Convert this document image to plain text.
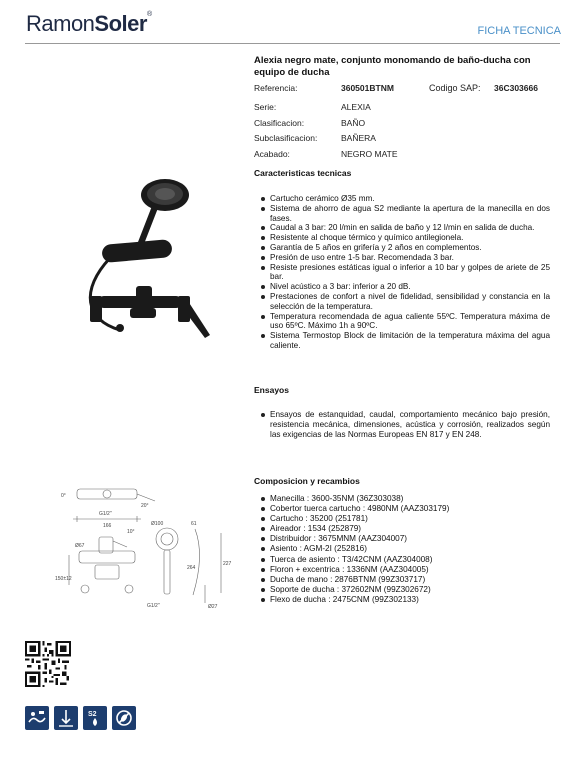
RamonSoler®
FICHA TECNICA
Alexia negro mate, conjunto monomando de baño-ducha con equipo de ducha
Referencia:	360501BTNM	Codigo SAP: 36C303666
Serie:	ALEXIA
Clasificacion:	BAÑO
Subclasificacion:	BAÑERA
Acabado:	NEGRO MATE
Caracteristicas tecnicas
Cartucho cerámico Ø35 mm.
Sistema de ahorro de agua S2 mediante la apertura de la manecilla en dos fases.
Caudal a 3 bar: 20 l/min en salida de baño y 12 l/min en salida de ducha.
Resistente al choque térmico y químico antilegionela.
Garantía de 5 años en grifería y 2 años en complementos.
Presión de uso entre 1-5 bar. Recomendada 3 bar.
Resiste presiones estáticas igual o inferior a 10 bar y golpes de ariete de 25 bar.
Nivel acústico a 3 bar: inferior a 20 dB.
Prestaciones de confort a nivel de fidelidad, sensibilidad y constancia en la selección de la temperatura.
Temperatura recomendada de agua caliente 55ºC. Temperatura máxima de uso 65ºC. Máximo 1h a 90ºC.
Sistema Termostop Block de limitación de la temperatura máxima del agua caliente.
Ensayos
Ensayos de estanquidad, caudal, comportamiento mecánico bajo presión, resistencia mecánica, dimensiones, acústica y corrosión, realizados según las exigencias de las Normas Europeas EN 817 y EN 248.
Composicion y recambios
Manecilla : 3600-35NM (36Z303038)
Cobertor tuerca cartucho : 4980NM (AAZ303179)
Cartucho : 35200 (251781)
Aireador : 1534 (252879)
Distribuidor : 3675MNM (AAZ304007)
Asiento : AGM-2I (252816)
Tuerca de asiento : T3/42CNM (AAZ304008)
Floron + excentrica : 1336NM (AAZ304005)
Ducha de mano : 2876BTNM (99Z303717)
Soporte de ducha : 372602NM (99Z302672)
Flexo de ducha : 2475CNM (99Z302133)
0°
20°
G1/2"
166
10°
Ø67
Ø100	61
150±12
264
227
G1/2"	Ø27
S2
